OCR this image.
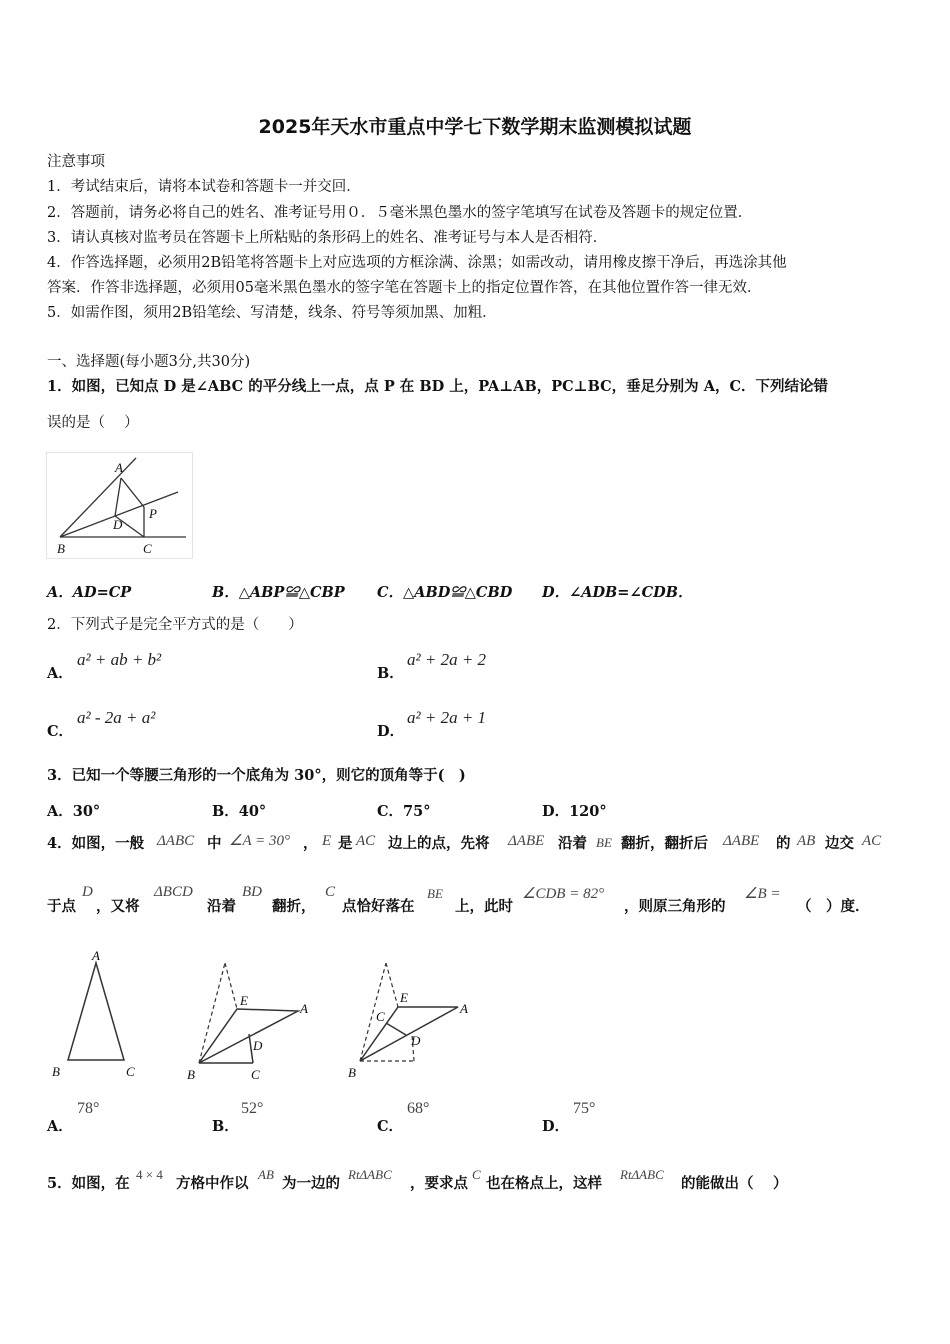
2025年天水市重点中学七下数学期末监测模拟试题
注意事项
1．考试结束后，请将本试卷和答题卡一并交回．
2．答题前，请务必将自己的姓名、准考证号用０．５毫米黑色墨水的签字笔填写在试卷及答题卡的规定位置．
3．请认真核对监考员在答题卡上所粘贴的条形码上的姓名、准考证号与本人是否相符．
4．作答选择题，必须用2B铅笔将答题卡上对应选项的方框涂满、涂黑；如需改动，请用橡皮擦干净后，再选涂其他
答案．作答非选择题，必须用05毫米黑色墨水的签字笔在答题卡上的指定位置作答，在其他位置作答一律无效．
5．如需作图，须用2B铅笔绘、写清楚，线条、符号等须加黑、加粗．
一、选择题(每小题3分,共30分)
1．如图，已知点 D 是∠ABC 的平分线上一点，点 P 在 BD 上，PA⊥AB，PC⊥BC，垂足分别为 A，C．下列结论错
误的是（　 ）
A
D
P
B	C
A．AD=CP	B．△ABP≌△CBP C．△ABD≌△CBD D．∠ADB=∠CDB．
2．下列式子是完全平方式的是（　　）
A．
a² + ab + b²
B．
a² + 2a + 2
C．
a² - 2a + a²
D．
a² + 2a + 1
3．已知一个等腰三角形的一个底角为 30°，则它的顶角等于(　)
A．30°	B．40°	C．75°	D．120°
4．如图，一般 ΔABC 中 ∠A = 30° ， E 是 AC 边上的点，先将 ΔABE 沿着 BE 翻折，翻折后 ΔABE 的 AB 边交 AC
于点
D
，又将
ΔBCD
沿着
BD
翻折，
C
点恰好落在
BE
上，此时
∠CDB = 82°
，则原三角形的
∠B =
（　）度．
A
B	C
E
A
D
B	C
E
A
C
D
B
A．
78°
B．
52°
C．
68°
D．
75°
5．如图，在
4 × 4
方格中作以
AB
为一边的
RtΔABC
，要求点
C
也在格点上，这样
RtΔABC
的能做出（　 ）
